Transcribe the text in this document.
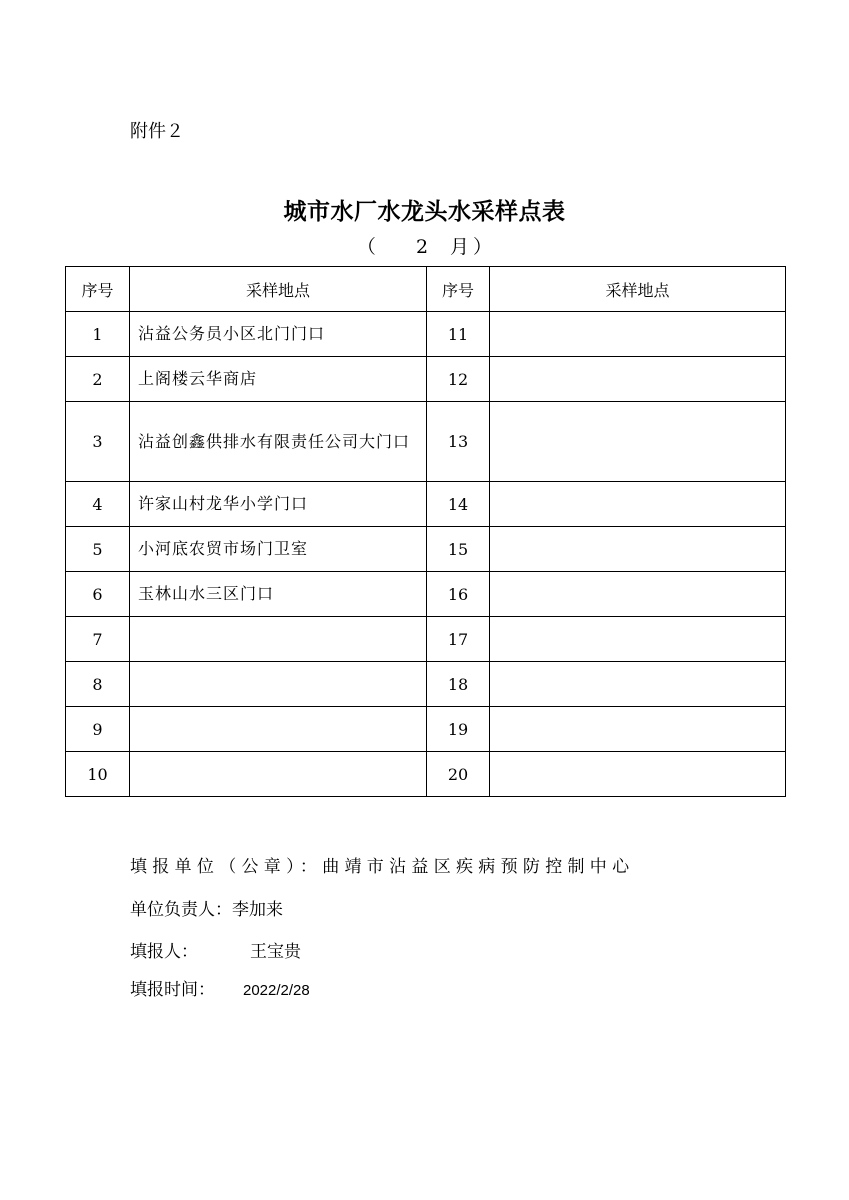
附件２
城市水厂水龙头水采样点表
（ 2 月 ）
序号	采样地点	序号	采样地点
1	沾益公务员小区北门门口	11	
2	上阁楼云华商店	12	
3	沾益创鑫供排水有限责任公司大门口	13	
4	许家山村龙华小学门口	14	
5	小河底农贸市场门卫室	15	
6	玉林山水三区门口	16	
7		17	
8		18	
9		19	
10		20	
填报单位（公章）：曲靖市沾益区疾病预防控制中心
单位负责人：李加来
填报人：	王宝贵
填报时间： 2022/2/28
